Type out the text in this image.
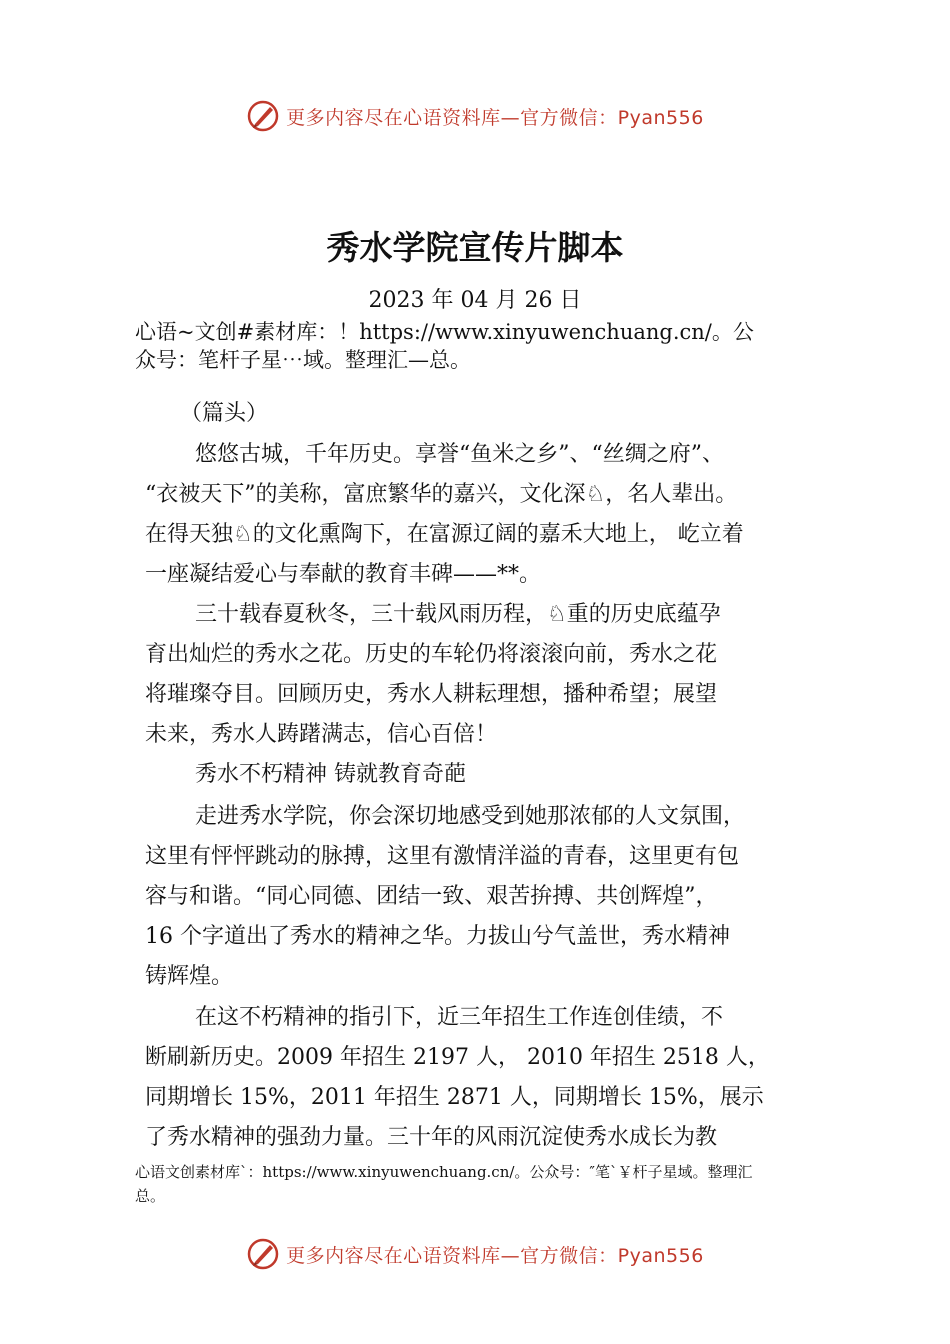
更多内容尽在心语资料库—官方微信：Pyan556
秀水学院宣传片脚本
2023 年 04 月 26 日
心语~文创#素材库：！https://www.xinyuwenchuang.cn/。公
众号：笔杆子星⋯域。整理汇—总。
（篇头）
悠悠古城，千年历史。享誉“鱼米之乡”、“丝绸之府”、
“衣被天下”的美称，富庶繁华的嘉兴，文化深♘，名人辈出。
在得天独♘的文化熏陶下，在富源辽阔的嘉禾大地上， 屹立着
一座凝结爱心与奉献的教育丰碑——**。
三十载春夏秋冬，三十载风雨历程，♘重的历史底蕴孕
育出灿烂的秀水之花。历史的车轮仍将滚滚向前，秀水之花
将璀璨夺目。回顾历史，秀水人耕耘理想，播种希望；展望
未来，秀水人踌躇满志，信心百倍！
秀水不朽精神 铸就教育奇葩
走进秀水学院，你会深切地感受到她那浓郁的人文氛围，
这里有怦怦跳动的脉搏，这里有激情洋溢的青春，这里更有包
容与和谐。“同心同德、团结一致、艰苦拚搏、共创辉煌”，
16 个字道出了秀水的精神之华。力拔山兮气盖世，秀水精神
铸辉煌。
在这不朽精神的指引下，近三年招生工作连创佳绩，不
断刷新历史。2009 年招生 2197 人， 2010 年招生 2518 人，
同期增长 15%，2011 年招生 2871 人，同期增长 15%，展示
了秀水精神的强劲力量。三十年的风雨沉淀使秀水成长为教
心语文创素材库`：https://www.xinyuwenchuang.cn/。公众号：″笔`￥杆子星域。整理汇
总。
更多内容尽在心语资料库—官方微信：Pyan556
